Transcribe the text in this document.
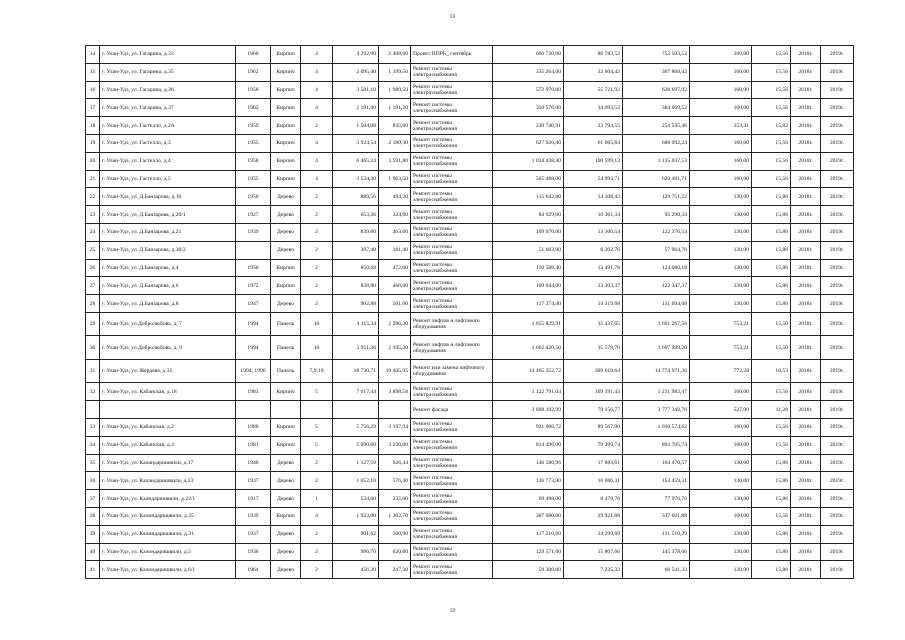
59
14	г. Улан-Удэ, ул. Гагарина, д.33	1960	Кирпич	4	4 292,00	2 408,60	Проект ППРБ_ сентябрь	666 720,00	86 783,52	753 503,52	160,00	15,56	2018г.	2019г.
15	г. Улан-Удэ, ул. Гагарина, д.35	1962	Кирпич	4	2 095,40	1 199,50	Ремонт системы электроснабжения	335 264,00	32 604,42	367 868,42	160,00	15,56	2018г.	2019г.
16	г. Улан-Удэ, ул. Гагарина, д.36	1958	Кирпич	4	3 581,10	1 989,50	Ремонт системы электроснабжения	572 976,00	55 721,92	628 697,92	160,00	15,56	2018г.	2019г.
17	г. Улан-Удэ, ул. Гагарина, д.37	1962	Кирпич	4	2 191,40	1 191,20	Ремонт системы электроснабжения	350 576,00	34 093,52	384 669,52	160,00	15,56	2018г.	2019г.
18	г. Улан-Удэ, ул. Гастелло, д.2А	1959	Кирпич	2	1 504,08	835,60	Ремонт системы электроснабжения	230 740,91	23 794,55	254 535,46	153,41	15,82	2018г.	2019г.
19	г. Улан-Удэ, ул. Гастелло, д.3	1955	Кирпич	4	3 924,54	2 180,30	Ремонт системы электроснабжения	627 926,40	61 065,84	688 992,24	160,00	15,56	2018г.	2019г.
20	г. Улан-Удэ, ул. Гастелло, д.4	1958	Кирпич	4	6 465,24	3 591,80	Ремонт системы электроснабжения	1 034 438,40	100 599,13	1 135 037,53	160,00	15,56	2018г.	2019г.
21	г. Улан-Удэ, ул. Гастелло, д.5	1955	Кирпич	4	3 534,30	1 963,50	Ремонт системы электроснабжения	565 488,00	54 993,71	620 481,71	160,00	15,56	2018г.	2019г.
22	г. Улан-Удэ, ул. Д.Банзарова, д.10	1950	Дерево	2	889,56	494,20	Ремонт системы электроснабжения	115 642,80	14 108,42	129 751,22	130,00	15,86	2018г.	2019г.
23	г. Улан-Удэ, ул. Д.Банзарова, д.20/1	1927	Дерево	2	653,36	324,90	Ремонт системы электроснабжения	84 929,00	10 361,34	95 290,34	130,00	15,86	2018г.	2019г.
24	г. Улан-Удэ, ул. Д.Банзарова, д.21	1939	Дерево	2	839,00	463,00	Ремонт системы электроснабжения	109 070,00	13 306,54	122 376,54	130,00	15,86	2018г.	2019г.
25	г. Улан-Удэ, ул. Д.Банзарова, д.30/2		Дерево	2	397,40	181,40	Ремонт системы электроснабжения	51 662,00	6 302,76	57 964,76	130,00	15,86	2018г.	2019г.
26	г. Улан-Удэ, ул. Д.Банзарова, д.4	1950	Кирпич	2	850,68	472,60	Ремонт системы электроснабжения	110 588,40	13 491,78	124 080,18	130,00	15,86	2018г.	2019г.
27	г. Улан-Удэ, ул. Д.Банзарова, д.6	1972	Кирпич	2	838,80	466,00	Ремонт системы электроснабжения	109 044,00	13 303,37	122 347,37	130,00	15,86	2018г.	2019г.
28	г. Улан-Удэ, ул. Д.Банзарова, д.8	1947	Дерево	2	902,88	501,60	Ремонт системы электроснабжения	117 374,40	14 319,68	131 694,08	130,00	15,86	2018г.	2019г.
29	г. Улан-Удэ, ул.Добролюбова, д. 7	1994	Панель	10	4 115,34	2 286,30	Ремонт лифтов и лифтового оборудования	1 655 829,91	35 437,65	1 691 267,56	753,21	15,50	2018г.	2019г.
30	г. Улан-Удэ, ул.Добролюбова, д. 9	1994	Панель	10	3 951,36	2 195,20	Ремонт лифтов и лифтового оборудования	1 662 420,50	35 578,70	1 697 999,20	753,21	15,50	2018г.	2019г.
31	г. Улан-Удэ, ул. Жердева, д.35	1994, 1996	Панель	7,9,10	18 730,71	10 405,95	Ремонт или замена лифтового оборудования	14 465 352,72	309 618,64	14 774 971,36	772,28	16,53	2018г.	2019г.
32	г. Улан-Удэ, ул. Кабанская, д.18	1983	Кирпич	5	7 017,44	3 898,58	Ремонт системы электроснабжения	1 122 791,04	109 191,43	1 231 982,47	160,00	15,56	2018г.	2019г.
							Ремонт фасада	3 698 192,99	79 156,77	3 777 349,76	527,00	11,28	2018г.	2019г.
33	г. Улан-Удэ, ул. Кабанская, д.2	1980	Кирпич	5	5 756,29	3 197,94	Ремонт системы электроснабжения	921 006,72	89 567,90	1 010 574,62	160,00	15,56	2018г.	2019г.
34	г. Улан-Удэ, ул. Кабанская, д.4	1981	Кирпич	5	5 090,60	3 230,00	Ремонт системы электроснабжения	814 496,00	79 209,74	893 705,74	160,00	15,56	2018г.	2019г.
35	г. Улан-Удэ, ул. Каландаришвили, д.17	1940	Дерево	2	1 127,59	626,44	Ремонт системы электроснабжения	146 586,96	17 883,61	164 470,57	130,00	15,86	2018г.	2019г.
36	г. Улан-Удэ, ул. Каландаришвили, д.23	1937	Дерево	2	1 052,10	576,40	Ремонт системы электроснабжения	136 773,00	16 686,31	153 459,31	130,00	15,86	2018г.	2019г.
37	г. Улан-Удэ, ул. Калндаришвили, д.22/1	1917	Дерево	1	534,60	235,00	Ремонт системы электроснабжения	69 498,00	8 478,76	77 976,76	130,00	15,86	2018г.	2019г.
38	г. Улан-Удэ, ул. Калиндаришвили, д.25	1939	Кирпич	4	1 923,00	1 302,70	Ремонт системы электроснабжения	307 680,00	29 921,88	337 601,88	160,00	15,56	2018г.	2019г.
39	г. Улан-Удэ, ул. Калиндаришвили, д.31	1937	Дерево	2	901,62	500,90	Ремонт системы электроснабжения	117 210,60	14 299,69	131 510,29	130,00	15,86	2018г.	2019г.
40	г. Улан-Удэ, ул. Калондаришвили, д.5	1936	Дерево	2	996,70	620,00	Ремонт системы электроснабжения	129 571,00	15 807,66	145 378,66	130,00	15,86	2018г.	2019г.
41	г. Улан-Удэ, ул. Калондаришвили, д.6/1	1964	Дерево	2	456,20	247,30	Ремонт системы электроснабжения	59 306,00	7 235,33	66 541,33	130,00	15,86	2018г.	2019г.
59
